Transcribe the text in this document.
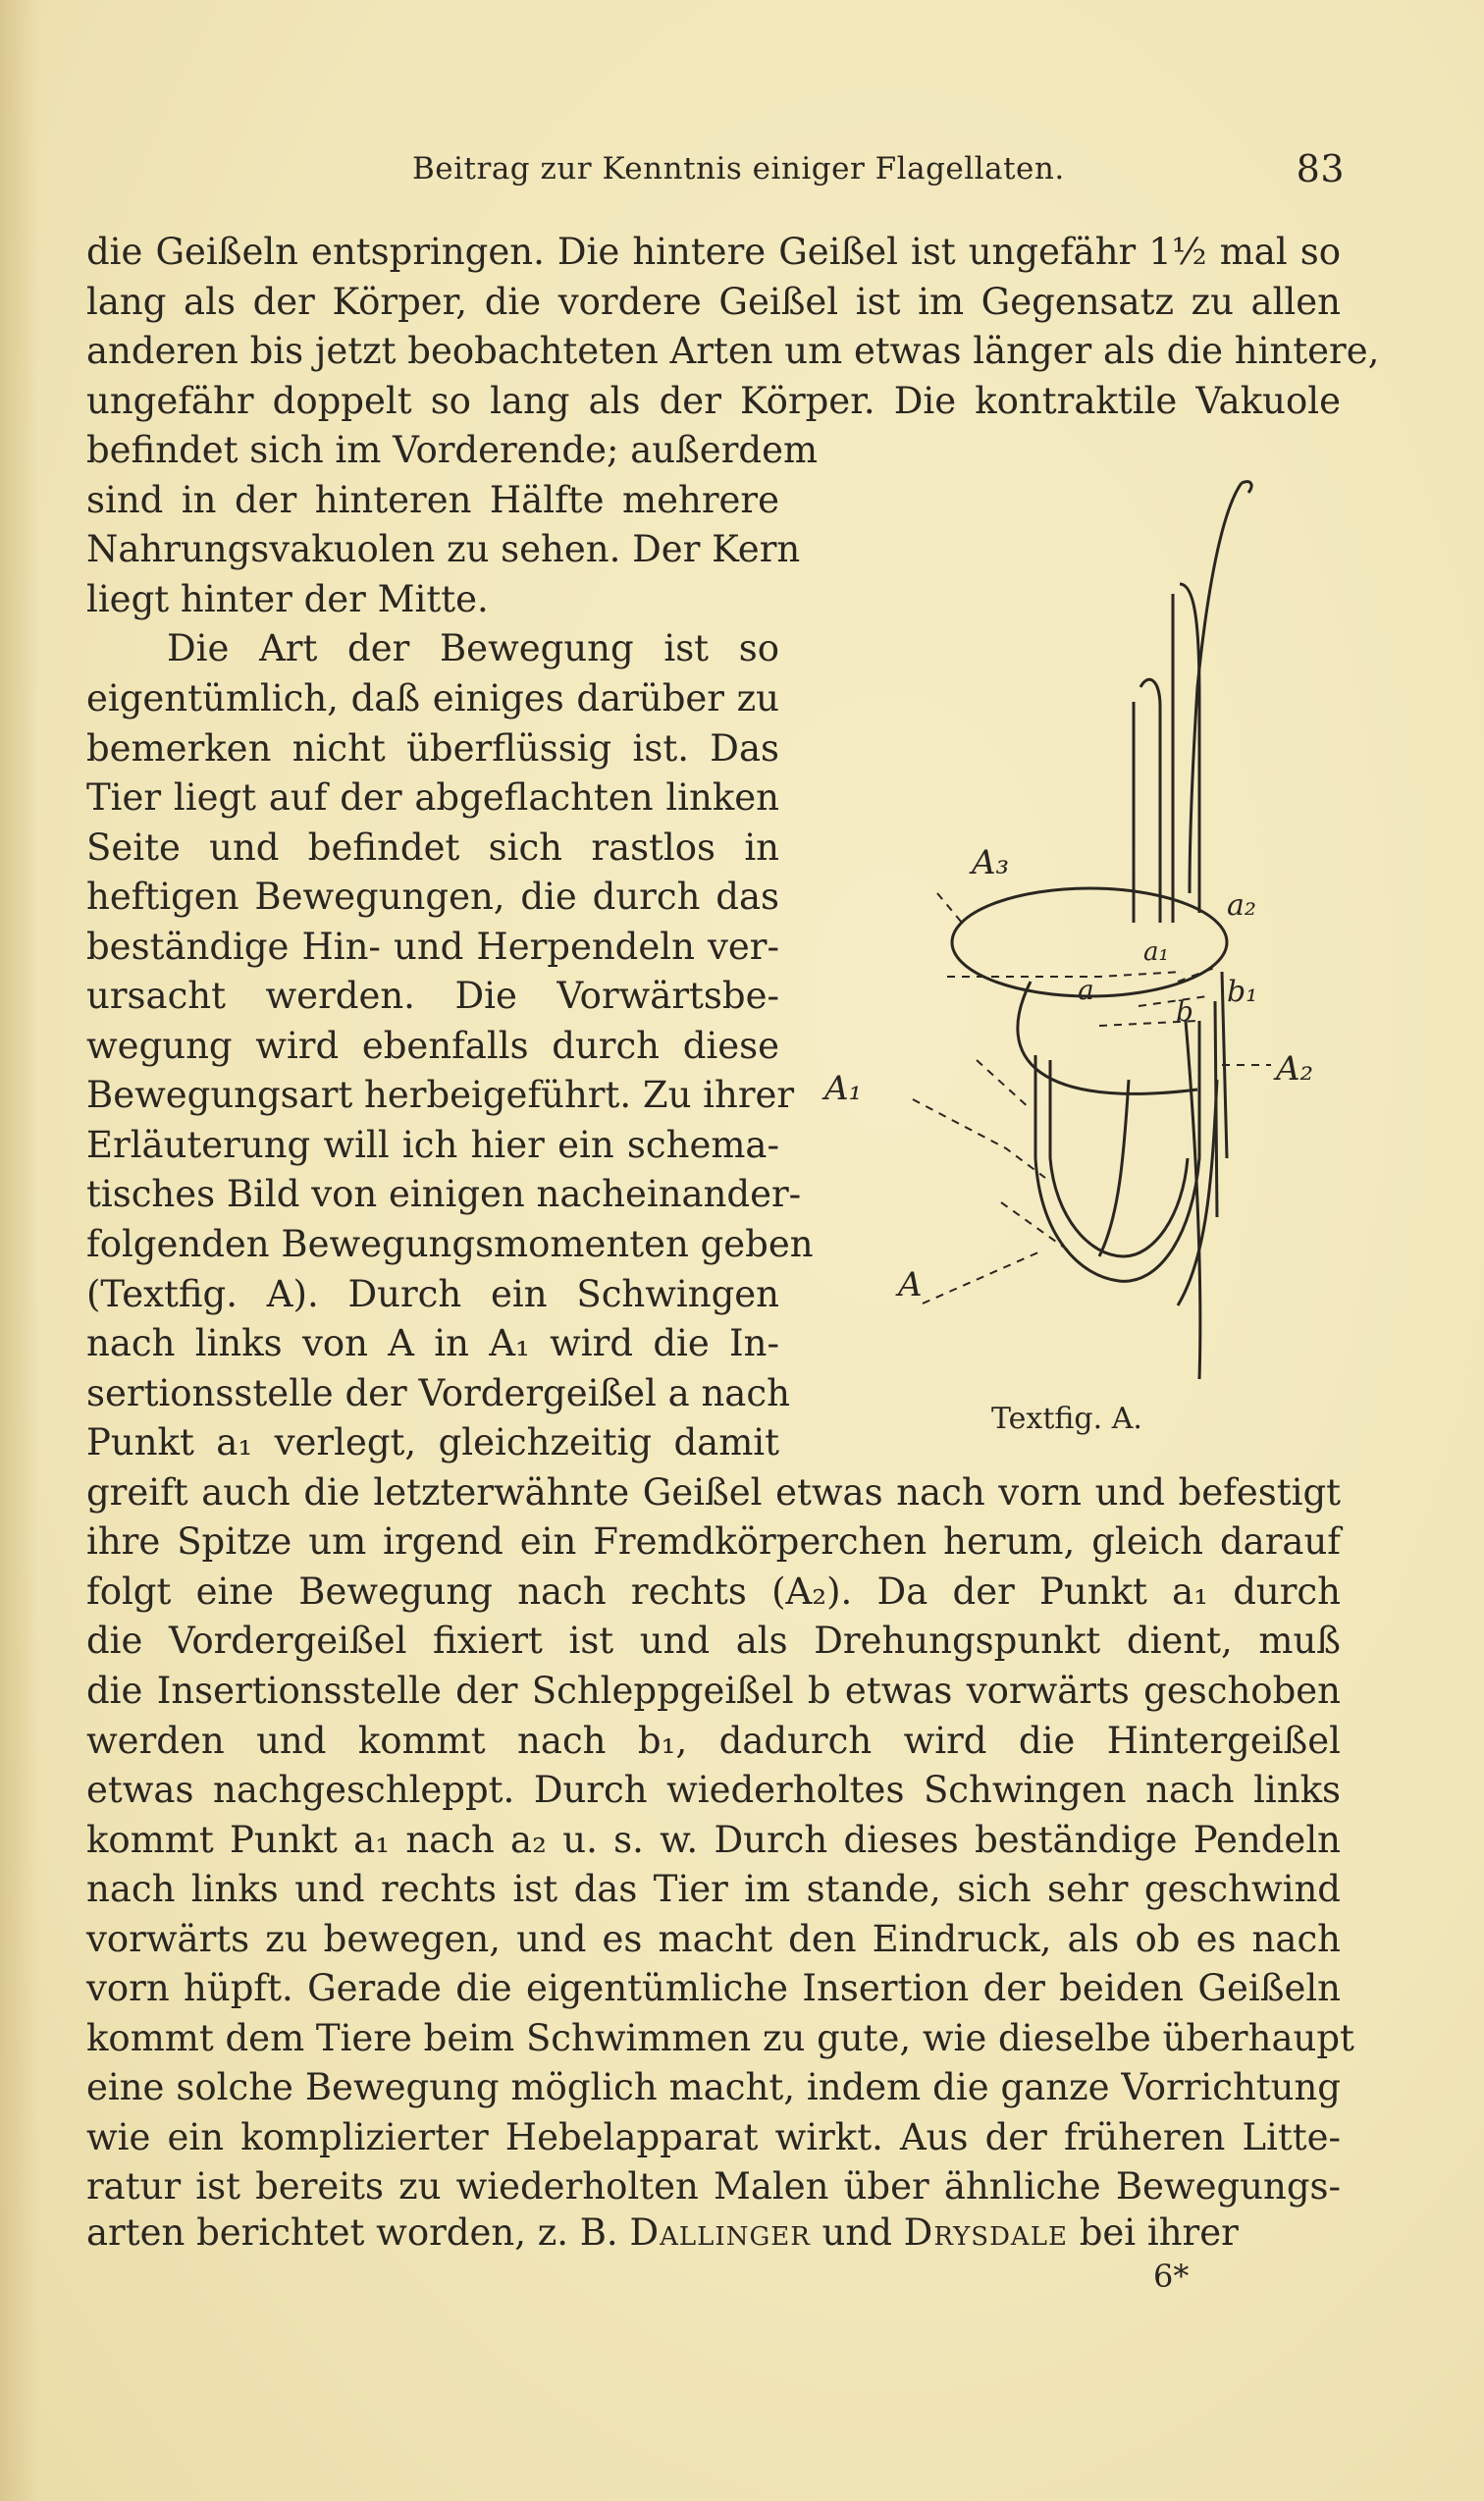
Beitrag zur Kenntnis einiger Flagellaten.	83
die Geißeln entspringen. Die hintere Geißel ist ungefähr 1½ mal so
lang als der Körper, die vordere Geißel ist im Gegensatz zu allen
anderen bis jetzt beobachteten Arten um etwas länger als die hintere,
ungefähr doppelt so lang als der Körper. Die kontraktile Vakuole
befindet sich im Vorderende; außerdem
sind in der hinteren Hälfte mehrere
Nahrungsvakuolen zu sehen. Der Kern
liegt hinter der Mitte.
Die Art der Bewegung ist so
eigentümlich, daß einiges darüber zu
bemerken nicht überflüssig ist. Das
Tier liegt auf der abgeflachten linken
Seite und befindet sich rastlos in
heftigen Bewegungen, die durch das
beständige Hin- und Herpendeln ver-
ursacht werden. Die Vorwärtsbe-
wegung wird ebenfalls durch diese
Bewegungsart herbeigeführt. Zu ihrer
Erläuterung will ich hier ein schema-
tisches Bild von einigen nacheinander-
folgenden Bewegungsmomenten geben
(Textfig. A). Durch ein Schwingen
nach links von A in A₁ wird die In-
sertionsstelle der Vordergeißel a nach
Punkt a₁ verlegt, gleichzeitig damit
greift auch die letzterwähnte Geißel etwas nach vorn und befestigt
ihre Spitze um irgend ein Fremdkörperchen herum, gleich darauf
folgt eine Bewegung nach rechts (A₂). Da der Punkt a₁ durch
die Vordergeißel fixiert ist und als Drehungspunkt dient, muß
die Insertionsstelle der Schleppgeißel b etwas vorwärts geschoben
werden und kommt nach b₁, dadurch wird die Hintergeißel
etwas nachgeschleppt. Durch wiederholtes Schwingen nach links
kommt Punkt a₁ nach a₂ u. s. w. Durch dieses beständige Pendeln
nach links und rechts ist das Tier im stande, sich sehr geschwind
vorwärts zu bewegen, und es macht den Eindruck, als ob es nach
vorn hüpft. Gerade die eigentümliche Insertion der beiden Geißeln
kommt dem Tiere beim Schwimmen zu gute, wie dieselbe überhaupt
eine solche Bewegung möglich macht, indem die ganze Vorrichtung
wie ein komplizierter Hebelapparat wirkt. Aus der früheren Litte-
ratur ist bereits zu wiederholten Malen über ähnliche Bewegungs-
arten berichtet worden, z. B. Dallinger und Drysdale bei ihrer
A₃
A₁
A
A₂
a₂
b₁
a
b
a₁
Textfig. A.
6*
